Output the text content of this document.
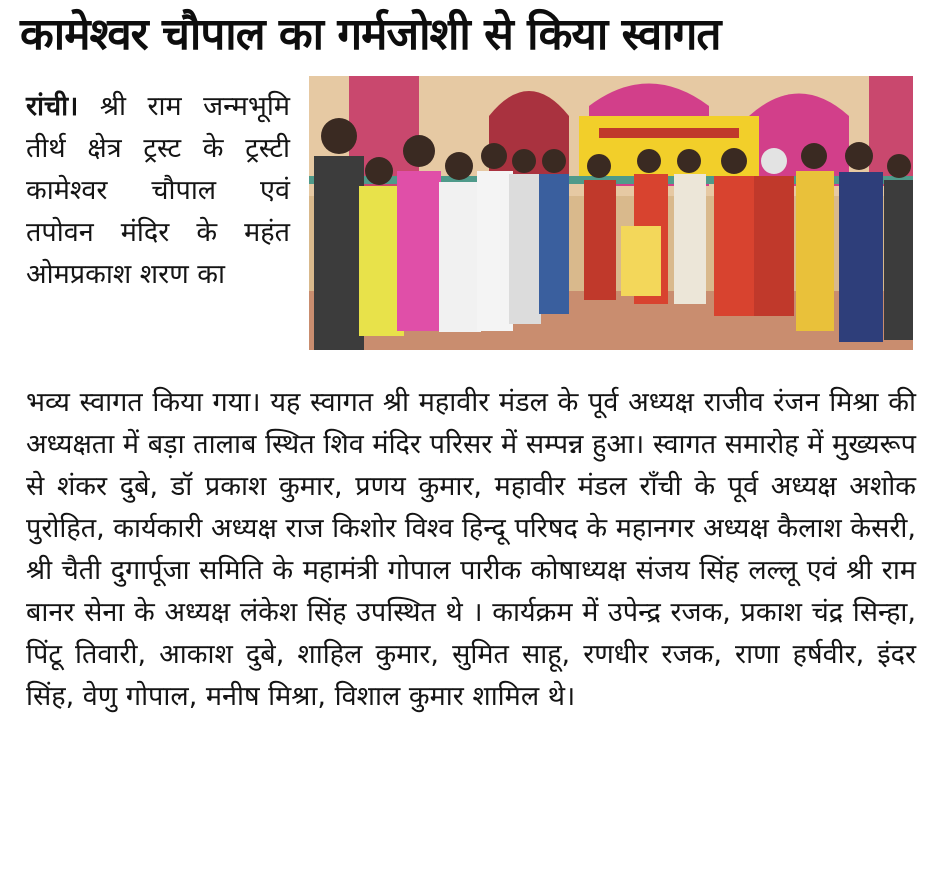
कामेश्वर चौपाल का गर्मजोशी से किया स्वागत

रांची। श्री राम जन्मभूमि तीर्थ क्षेत्र ट्रस्ट के ट्रस्टी कामेश्वर चौपाल एवं तपोवन मंदिर के महंत ओमप्रकाश शरण का

भव्य स्वागत किया गया। यह स्वागत श्री महावीर मंडल के पूर्व अध्यक्ष राजीव रंजन मिश्रा की अध्यक्षता में बड़ा तालाब स्थित शिव मंदिर परिसर में सम्पन्न हुआ। स्वागत समारोह में मुख्यरूप से शंकर दुबे, डॉ प्रकाश कुमार, प्रणय कुमार, महावीर मंडल राँची के पूर्व अध्यक्ष अशोक पुरोहित, कार्यकारी अध्यक्ष राज किशोर विश्व हिन्दू परिषद के महानगर अध्यक्ष कैलाश केसरी, श्री चैती दुगार्पूजा समिति के महामंत्री गोपाल पारीक कोषाध्यक्ष संजय सिंह लल्लू एवं श्री राम बानर सेना के अध्यक्ष लंकेश सिंह उपस्थित थे । कार्यक्रम में उपेन्द्र रजक, प्रकाश चंद्र सिन्हा, पिंटू तिवारी, आकाश दुबे, शाहिल कुमार, सुमित साहू, रणधीर रजक, राणा हर्षवीर, इंदर सिंह, वेणु गोपाल, मनीष मिश्रा, विशाल कुमार शामिल थे।
